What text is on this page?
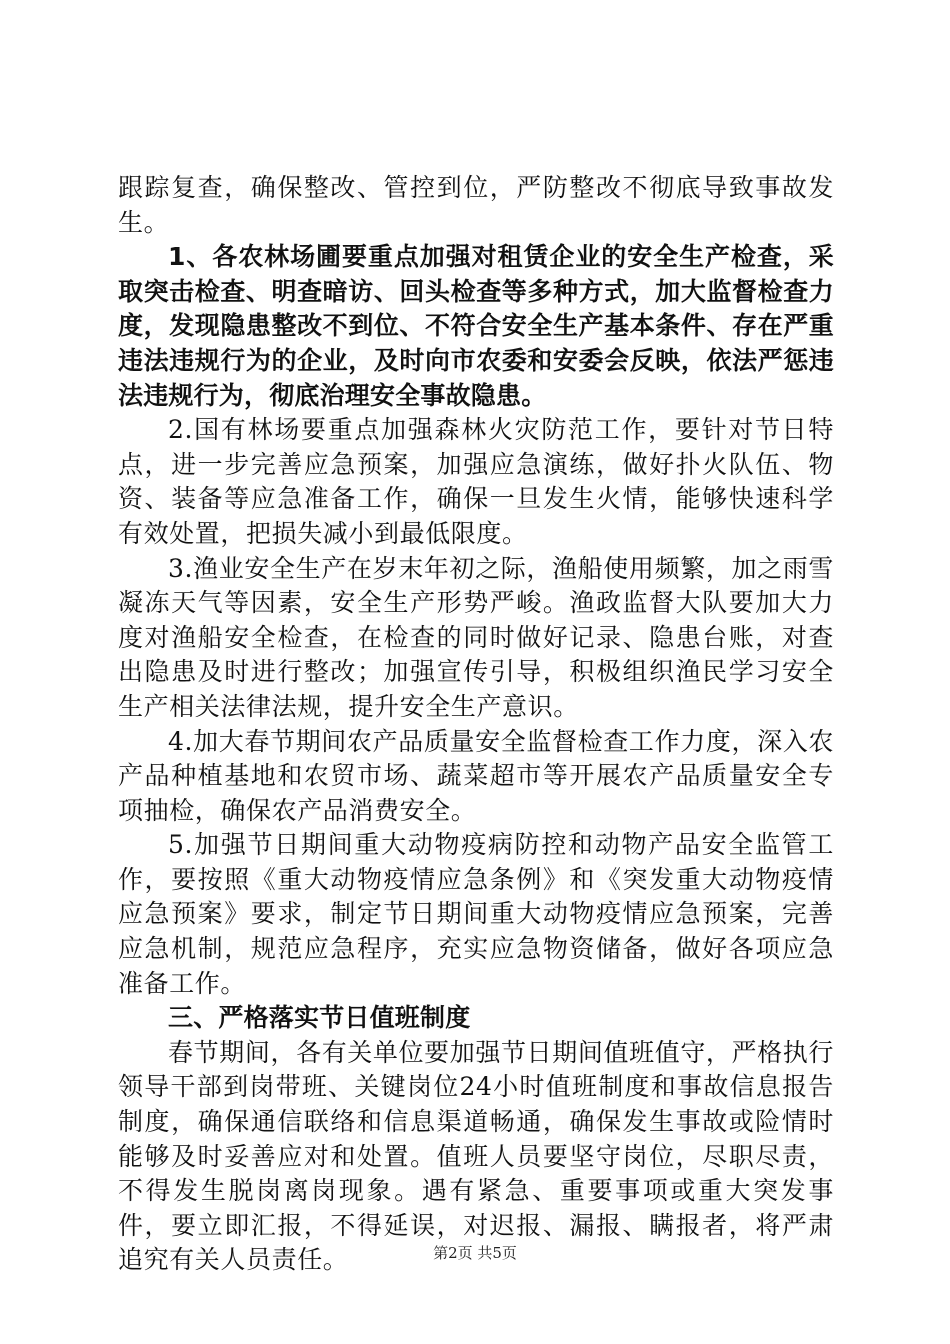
跟踪复查，确保整改、管控到位，严防整改不彻底导致事故发生。

1、各农林场圃要重点加强对租赁企业的安全生产检查，采取突击检查、明查暗访、回头检查等多种方式，加大监督检查力度，发现隐患整改不到位、不符合安全生产基本条件、存在严重违法违规行为的企业，及时向市农委和安委会反映，依法严惩违法违规行为，彻底治理安全事故隐患。

2.国有林场要重点加强森林火灾防范工作，要针对节日特点，进一步完善应急预案，加强应急演练，做好扑火队伍、物资、装备等应急准备工作，确保一旦发生火情，能够快速科学有效处置，把损失减小到最低限度。

3.渔业安全生产在岁末年初之际，渔船使用频繁，加之雨雪凝冻天气等因素，安全生产形势严峻。渔政监督大队要加大力度对渔船安全检查，在检查的同时做好记录、隐患台账，对查出隐患及时进行整改；加强宣传引导，积极组织渔民学习安全生产相关法律法规，提升安全生产意识。

4.加大春节期间农产品质量安全监督检查工作力度，深入农产品种植基地和农贸市场、蔬菜超市等开展农产品质量安全专项抽检，确保农产品消费安全。

5.加强节日期间重大动物疫病防控和动物产品安全监管工作，要按照《重大动物疫情应急条例》和《突发重大动物疫情应急预案》要求，制定节日期间重大动物疫情应急预案，完善应急机制，规范应急程序，充实应急物资储备，做好各项应急准备工作。

三、严格落实节日值班制度

春节期间，各有关单位要加强节日期间值班值守，严格执行领导干部到岗带班、关键岗位24小时值班制度和事故信息报告制度，确保通信联络和信息渠道畅通，确保发生事故或险情时能够及时妥善应对和处置。值班人员要坚守岗位，尽职尽责，不得发生脱岗离岗现象。遇有紧急、重要事项或重大突发事件，要立即汇报，不得延误，对迟报、漏报、瞒报者，将严肃追究有关人员责任。	第2页 共5页
